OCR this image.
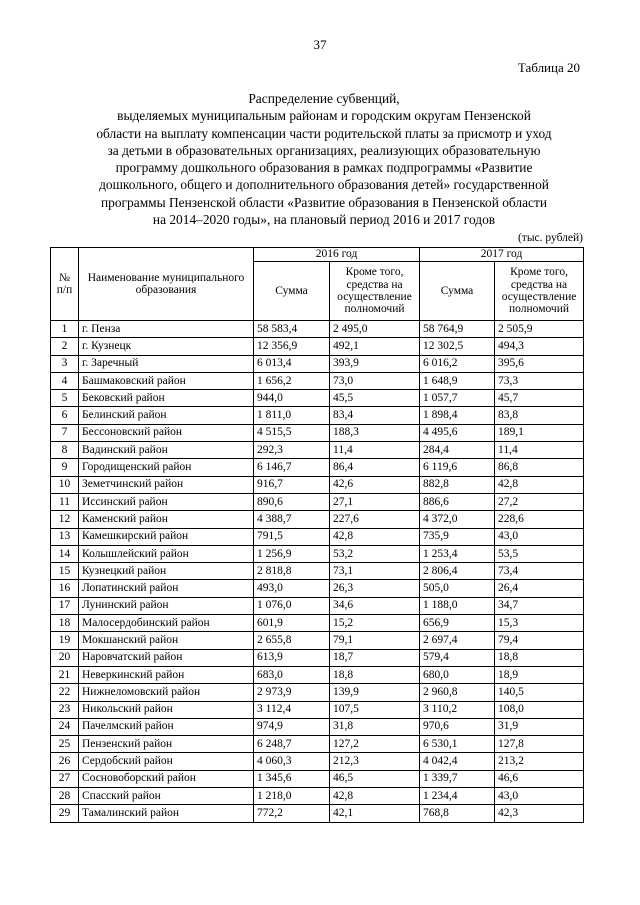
37
Таблица 20
Распределение субвенций,
выделяемых муниципальным районам и городским округам Пензенской
области на выплату компенсации части родительской платы за присмотр и уход
за детьми в образовательных организациях, реализующих образовательную
программу дошкольного образования в рамках подпрограммы «Развитие
дошкольного, общего и дополнительного образования детей» государственной
программы Пензенской области «Развитие образования в Пензенской области
на 2014–2020 годы», на плановый период 2016 и 2017 годов
(тыс. рублей)
№ п/п	Наименование муниципального образования	2016 год		2017 год	
		Сумма	Кроме того, средства на осуществление полномочий	Сумма	Кроме того, средства на осуществление полномочий
1	г. Пенза	58 583,4	2 495,0	58 764,9	2 505,9
2	г. Кузнецк	12 356,9	492,1	12 302,5	494,3
3	г. Заречный	6 013,4	393,9	6 016,2	395,6
4	Башмаковский район	1 656,2	73,0	1 648,9	73,3
5	Бековский район	944,0	45,5	1 057,7	45,7
6	Белинский район	1 811,0	83,4	1 898,4	83,8
7	Бессоновский район	4 515,5	188,3	4 495,6	189,1
8	Вадинский район	292,3	11,4	284,4	11,4
9	Городищенский район	6 146,7	86,4	6 119,6	86,8
10	Земетчинский район	916,7	42,6	882,8	42,8
11	Иссинский район	890,6	27,1	886,6	27,2
12	Каменский район	4 388,7	227,6	4 372,0	228,6
13	Камешкирский район	791,5	42,8	735,9	43,0
14	Колышлейский район	1 256,9	53,2	1 253,4	53,5
15	Кузнецкий район	2 818,8	73,1	2 806,4	73,4
16	Лопатинский район	493,0	26,3	505,0	26,4
17	Лунинский район	1 076,0	34,6	1 188,0	34,7
18	Малосердобинский район	601,9	15,2	656,9	15,3
19	Мокшанский район	2 655,8	79,1	2 697,4	79,4
20	Наровчатский район	613,9	18,7	579,4	18,8
21	Неверкинский район	683,0	18,8	680,0	18,9
22	Нижнеломовский район	2 973,9	139,9	2 960,8	140,5
23	Никольский район	3 112,4	107,5	3 110,2	108,0
24	Пачелмский район	974,9	31,8	970,6	31,9
25	Пензенский район	6 248,7	127,2	6 530,1	127,8
26	Сердобский район	4 060,3	212,3	4 042,4	213,2
27	Сосновоборский район	1 345,6	46,5	1 339,7	46,6
28	Спасский район	1 218,0	42,8	1 234,4	43,0
29	Тамалинский район	772,2	42,1	768,8	42,3
